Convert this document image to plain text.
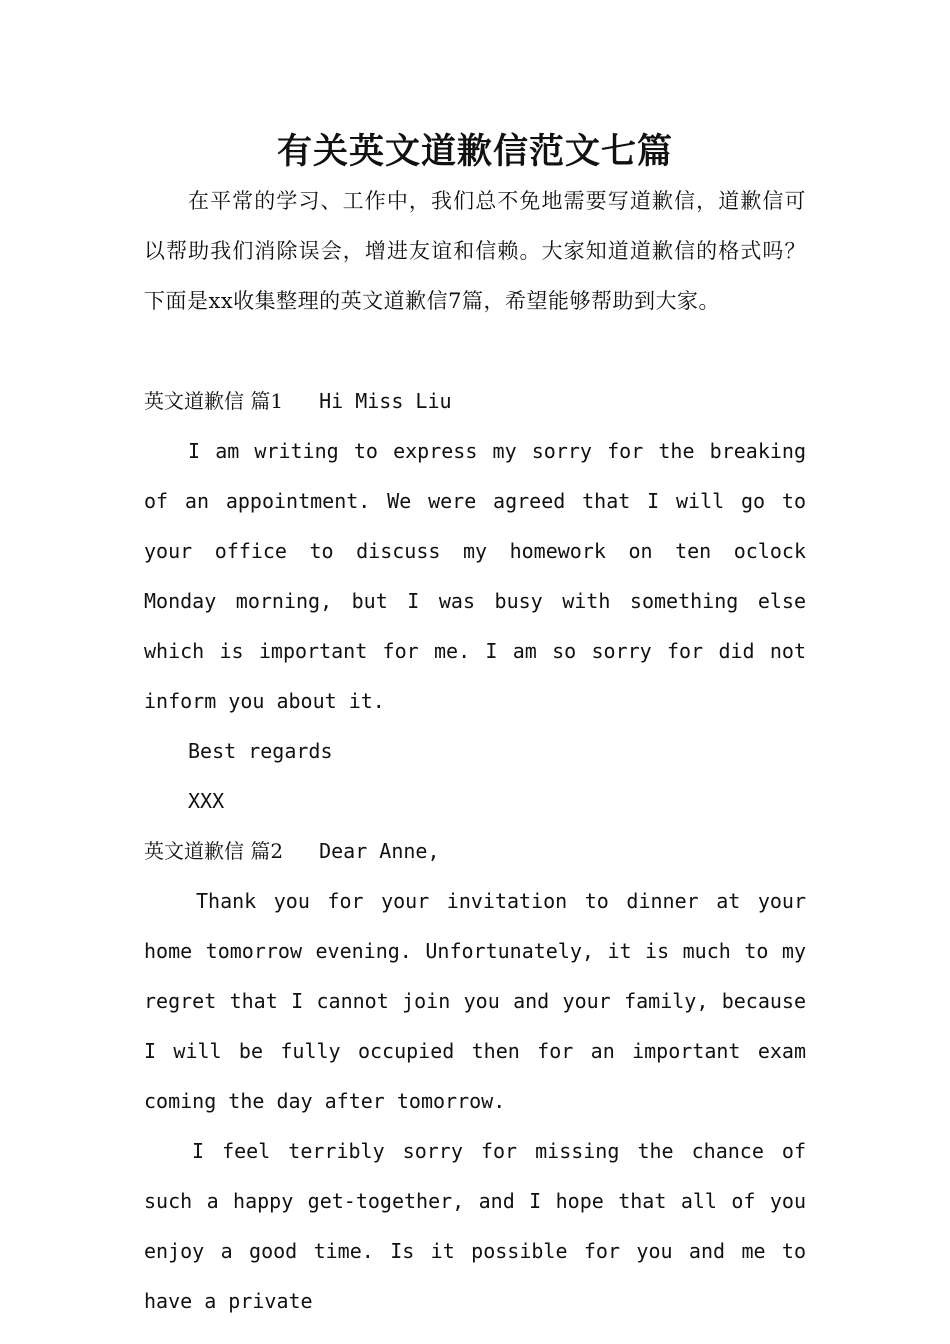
有关英文道歉信范文七篇

在平常的学习、工作中，我们总不免地需要写道歉信，道歉信可以帮助我们消除误会，增进友谊和信赖。大家知道道歉信的格式吗？下面是xx收集整理的英文道歉信7篇，希望能够帮助到大家。

英文道歉信 篇1 Hi Miss Liu

I am writing to express my sorry for the breaking of an appointment. We were agreed that I will go to your office to discuss my homework on ten oclock Monday morning, but I was busy with something else which is important for me. I am so sorry for did not inform you about it.

Best regards
XXX
英文道歉信 篇2 Dear Anne,

Thank you for your invitation to dinner at your home tomorrow evening. Unfortunately, it is much to my regret that I cannot join you and your family, because I will be fully occupied then for an important exam coming the day after tomorrow.

I feel terribly sorry for missing the chance of such a happy get-together, and I hope that all of you enjoy a good time. Is it possible for you and me to have a private
